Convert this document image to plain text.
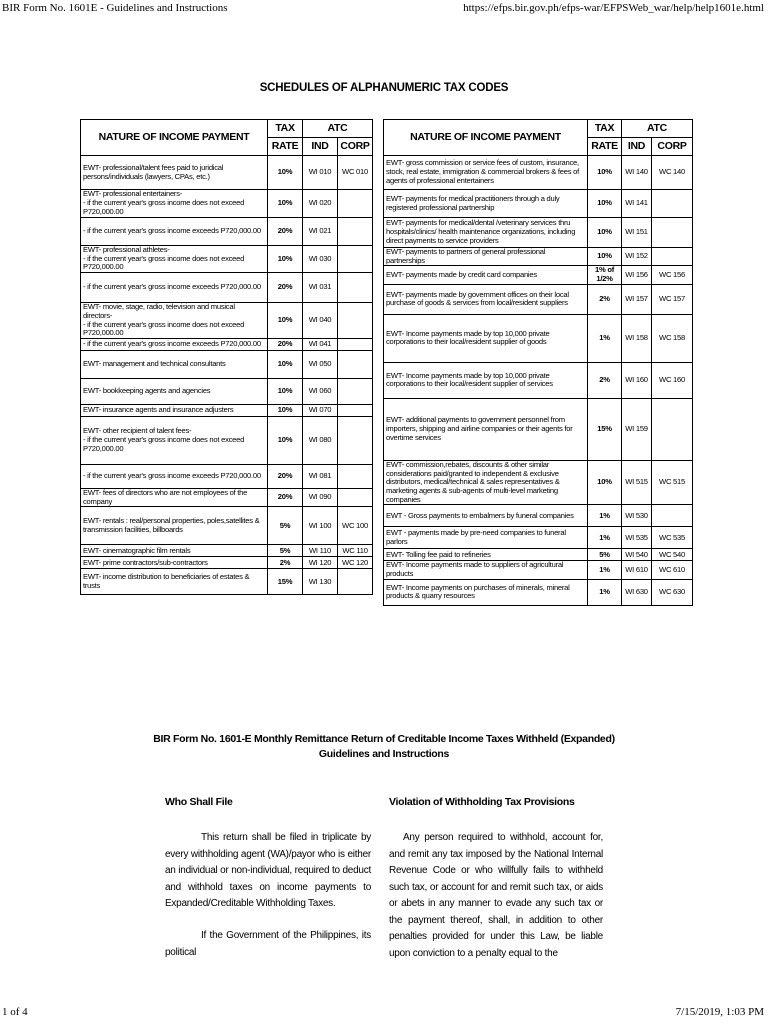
BIR Form No. 1601E - Guidelines and Instructions	https://efps.bir.gov.ph/efps-war/EFPSWeb_war/help/help1601e.html
SCHEDULES OF ALPHANUMERIC TAX CODES
NATURE OF INCOME PAYMENT	TAX	ATC	
	RATE	IND	CORP
EWT- professional/talent fees paid to juridical persons/individuals (lawyers, CPAs, etc.)	10%	WI 010	WC 010

EWT- professional entertainers-
- if the current year's gross income does not exceed P720,000.00	10%	WI 020	
- if the current year's gross income exceeds P720,000.00	20%	WI 021	

EWT- professional athletes-
- if the current year's gross income does not exceed P720,000.00	10%	WI 030	
- if the current year's gross income exceeds P720,000.00	20%	WI 031	

EWT- movie, stage, radio, television and musical directors-
- if the current year's gross income does not exceed P720,000.00	10%	WI 040	
- if the current year's gross income exceeds P720,000.00	20%	WI 041	
EWT- management and technical consultants	10%	WI 050	
EWT- bookkeeping agents and agencies	10%	WI 060	
EWT- insurance agents and insurance adjusters	10%	WI 070	

EWT- other recipient of talent fees-
- if the current year's gross income does not exceed P720,000.00	10%	WI 080	
- if the current year's gross income exceeds P720,000.00	20%	WI 081	
EWT- fees of directors who are not employees of the company	20%	WI 090	
EWT- rentals : real/personal properties, poles,satellites & transmission facilities, billboards	5%	WI 100	WC 100
EWT- cinematographic film rentals	5%	WI 110	WC 110
EWT- prime contractors/sub-contractors	2%	WI 120	WC 120
EWT- income distribution to beneficiaries of estates & trusts	15%	WI 130	
NATURE OF INCOME PAYMENT	TAX	ATC	
	RATE	IND	CORP
EWT- gross commission or service fees of custom, insurance, stock, real estate, immigration & commercial brokers & fees of agents of professional entertainers	10%	WI 140	WC 140
EWT- payments for medical practitioners through a duly registered professional partnership	10%	WI 141	
EWT- payments for medical/dental /veterinary services thru hospitals/clinics/ health maintenance organizations, including direct payments to service providers	10%	WI 151	
EWT- payments to partners of general professional partnerships	10%	WI 152	
EWT- payments made by credit card companies	1% of 1/2%	WI 156	WC 156
EWT- payments made by government offices on their local purchase of goods & services from local/resident suppliers	2%	WI 157	WC 157
EWT- Income payments made by top 10,000 private corporations to their local/resident supplier of goods	1%	WI 158	WC 158
EWT- Income payments made by top 10,000 private corporations to their local/resident supplier of services	2%	WI 160	WC 160
EWT- additional payments to government personnel from importers, shipping and airline companies or their agents for overtime services	15%	WI 159	
EWT- commission,rebates, discounts & other similar considerations paid/granted to independent & exclusive distributors, medical/technical & sales representatives & marketing agents & sub-agents of multi-level marketing companies	10%	WI 515	WC 515
EWT - Gross payments to embalmers by funeral companies	1%	WI 530	
EWT - payments made by pre-need companies to funeral parlors	1%	WI 535	WC 535
EWT- Tolling fee paid to refineries	5%	WI 540	WC 540
EWT- Income payments made to suppliers of agricultural products	1%	WI 610	WC 610
EWT- Income payments on purchases of minerals, mineral products & quarry resources	1%	WI 630	WC 630
BIR Form No. 1601-E Monthly Remittance Return of Creditable Income Taxes Withheld (Expanded)
Guidelines and Instructions
Who Shall File	Violation of Withholding Tax Provisions
This return shall be filed in triplicate by every withholding agent (WA)/payor who is either an individual or non-individual, required to deduct and withhold taxes on income payments to Expanded/Creditable Withholding Taxes.
If the Government of the Philippines, its political
Any person required to withhold, account for, and remit any tax imposed by the National Internal Revenue Code or who willfully fails to withheld such tax, or account for and remit such tax, or aids or abets in any manner to evade any such tax or the payment thereof, shall, in addition to other penalties provided for under this Law, be liable upon conviction to a penalty equal to the
1 of 4	7/15/2019, 1:03 PM
